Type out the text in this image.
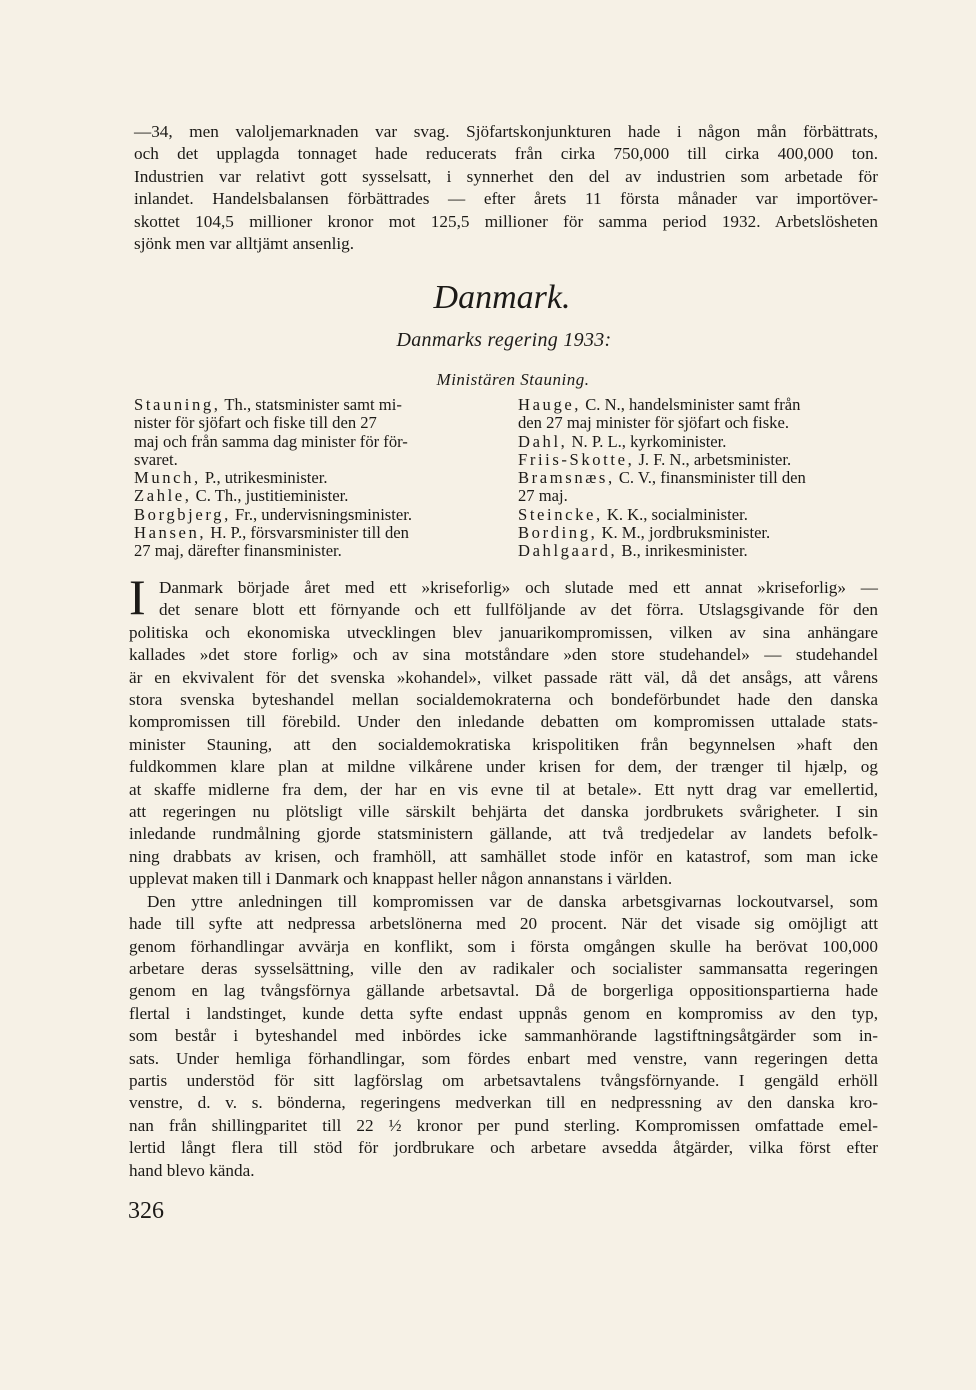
—34, men valoljemarknaden var svag. Sjöfartskonjunkturen hade i någon mån förbättrats,
och det upplagda tonnaget hade reducerats från cirka 750,000 till cirka 400,000 ton.
Industrien var relativt gott sysselsatt, i synnerhet den del av industrien som arbetade för
inlandet. Handelsbalansen förbättrades — efter årets 11 första månader var importöver-
skottet 104,5 millioner kronor mot 125,5 millioner för samma period 1932. Arbetslösheten
sjönk men var alltjämt ansenlig.
Danmark.
Danmarks regering 1933:
Ministären Stauning.
Stauning, Th., statsminister samt mi-
nister för sjöfart och fiske till den 27
maj och från samma dag minister för för-
svaret.
Munch, P., utrikesminister.
Zahle, C. Th., justitieminister.
Borgbjerg, Fr., undervisningsminister.
Hansen, H. P., försvarsminister till den
27 maj, därefter finansminister.
Hauge, C. N., handelsminister samt från
den 27 maj minister för sjöfart och fiske.
Dahl, N. P. L., kyrkominister.
Friis-Skotte, J. F. N., arbetsminister.
Bramsnæs, C. V., finansminister till den
27 maj.
Steincke, K. K., socialminister.
Bording, K. M., jordbruksminister.
Dahlgaard, B., inrikesminister.
Danmark började året med ett »kriseforlig» och slutade med ett annat »kriseforlig» —
I det senare blott ett förnyande och ett fullföljande av det förra. Utslagsgivande för den
politiska och ekonomiska utvecklingen blev januarikompromissen, vilken av sina anhängare
kallades »det store forlig» och av sina motståndare »den store studehandel» — studehandel
är en ekvivalent för det svenska »kohandel», vilket passade rätt väl, då det ansågs, att vårens
stora svenska byteshandel mellan socialdemokraterna och bondeförbundet hade den danska
kompromissen till förebild. Under den inledande debatten om kompromissen uttalade stats-
minister Stauning, att den socialdemokratiska krispolitiken från begynnelsen »haft den
fuldkommen klare plan at mildne vilkårene under krisen for dem, der trænger til hjælp, og
at skaffe midlerne fra dem, der har en vis evne til at betale». Ett nytt drag var emellertid,
att regeringen nu plötsligt ville särskilt behjärta det danska jordbrukets svårigheter. I sin
inledande rundmålning gjorde statsministern gällande, att två tredjedelar av landets befolk-
ning drabbats av krisen, och framhöll, att samhället stode inför en katastrof, som man icke
upplevat maken till i Danmark och knappast heller någon annanstans i världen.
Den yttre anledningen till kompromissen var de danska arbetsgivarnas lockoutvarsel, som
hade till syfte att nedpressa arbetslönerna med 20 procent. När det visade sig omöjligt att
genom förhandlingar avvärja en konflikt, som i första omgången skulle ha berövat 100,000
arbetare deras sysselsättning, ville den av radikaler och socialister sammansatta regeringen
genom en lag tvångsförnya gällande arbetsavtal. Då de borgerliga oppositionspartierna hade
flertal i landstinget, kunde detta syfte endast uppnås genom en kompromiss av den typ,
som består i byteshandel med inbördes icke sammanhörande lagstiftningsåtgärder som in-
sats. Under hemliga förhandlingar, som fördes enbart med venstre, vann regeringen detta
partis understöd för sitt lagförslag om arbetsavtalens tvångsförnyande. I gengäld erhöll
venstre, d. v. s. bönderna, regeringens medverkan till en nedpressning av den danska kro-
nan från shillingparitet till 22 ½ kronor per pund sterling. Kompromissen omfattade emel-
lertid långt flera till stöd för jordbrukare och arbetare avsedda åtgärder, vilka först efter
hand blevo kända.
326
